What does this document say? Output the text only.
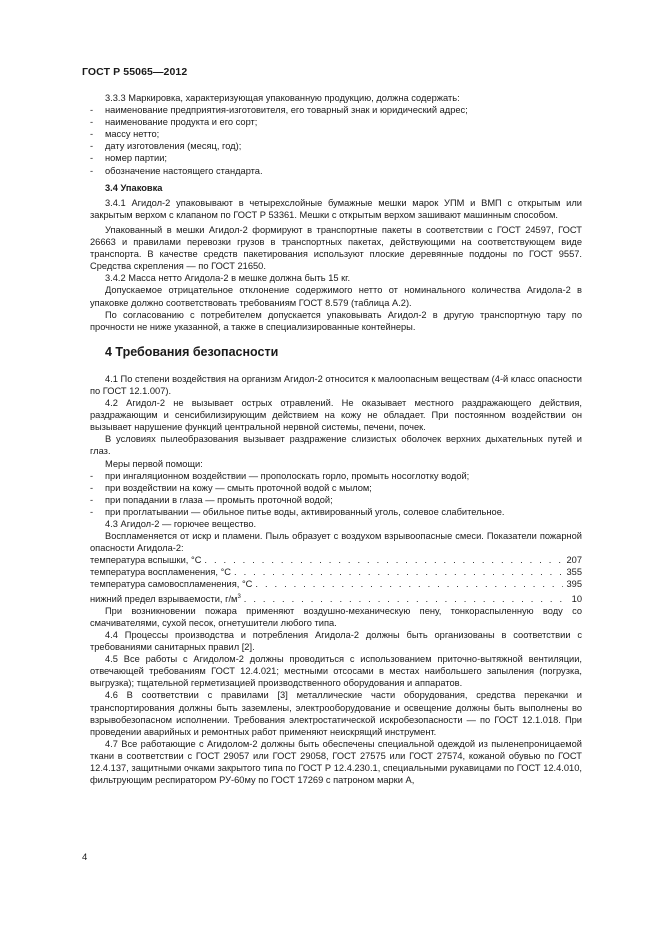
ГОСТ Р 55065—2012

3.3.3 Маркировка, характеризующая упакованную продукцию, должна содержать:

- наименование предприятия-изготовителя, его товарный знак и юридический адрес;

- наименование продукта и его сорт;

- массу нетто;

- дату изготовления (месяц, год);

- номер партии;

- обозначение настоящего стандарта.

3.4 Упаковка

3.4.1 Агидол-2 упаковывают в четырехслойные бумажные мешки марок УПМ и ВМП с открытым или закрытым верхом с клапаном по ГОСТ Р 53361. Мешки с открытым верхом зашивают машинным способом.

Упакованный в мешки Агидол-2 формируют в транспортные пакеты в соответствии с ГОСТ 24597, ГОСТ 26663 и правилами перевозки грузов в транспортных пакетах, действующими на соответствующем виде транспорта. В качестве средств пакетирования используют плоские деревянные поддоны по ГОСТ 9557. Средства скрепления — по ГОСТ 21650.

3.4.2 Масса нетто Агидола-2 в мешке должна быть 15 кг.

Допускаемое отрицательное отклонение содержимого нетто от номинального количества Агидола-2 в упаковке должно соответствовать требованиям ГОСТ 8.579 (таблица А.2).

По согласованию с потребителем допускается упаковывать Агидол-2 в другую транспортную тару по прочности не ниже указанной, а также в специализированные контейнеры.

4 Требования безопасности

4.1 По степени воздействия на организм Агидол-2 относится к малоопасным веществам (4-й класс опасности по ГОСТ 12.1.007).

4.2 Агидол-2 не вызывает острых отравлений. Не оказывает местного раздражающего действия, раздражающим и сенсибилизирующим действием на кожу не обладает. При постоянном воздействии он вызывает нарушение функций центральной нервной системы, печени, почек.

В условиях пылеобразования вызывает раздражение слизистых оболочек верхних дыхательных путей и глаз.

Меры первой помощи:

- при ингаляционном воздействии — прополоскать горло, промыть носоглотку водой;

- при воздействии на кожу — смыть проточной водой с мылом;

- при попадании в глаза — промыть проточной водой;

- при проглатывании — обильное питье воды, активированный уголь, солевое слабительное.

4.3 Агидол-2 — горючее вещество.

Воспламеняется от искр и пламени. Пыль образует с воздухом взрывоопасные смеси. Показатели пожарной опасности Агидола-2:

температура вспышки, °С . . .	207
температура воспламенения, °С . . .	355
температура самовоспламенения, °С . . .	395
нижний предел взрываемости, $г/м^3$ . . .	10

При возникновении пожара применяют воздушно-механическую пену, тонкораспыленную воду со смачивателями, сухой песок, огнетушители любого типа.

4.4 Процессы производства и потребления Агидола-2 должны быть организованы в соответствии с требованиями санитарных правил [2].

4.5 Все работы с Агидолом-2 должны проводиться с использованием приточно-вытяжной вентиляции, отвечающей требованиям ГОСТ 12.4.021; местными отсосами в местах наибольшего запыления (погрузка, выгрузка); тщательной герметизацией производственного оборудования и аппаратов.

4.6 В соответствии с правилами [3] металлические части оборудования, средства перекачки и транспортирования должны быть заземлены, электрооборудование и освещение должны быть выполнены во взрывобезопасном исполнении. Требования электростатической искробезопасности — по ГОСТ 12.1.018. При проведении аварийных и ремонтных работ применяют неискрящий инструмент.

4.7 Все работающие с Агидолом-2 должны быть обеспечены специальной одеждой из пыленепроницаемой ткани в соответствии с ГОСТ 29057 или ГОСТ 29058, ГОСТ 27575 или ГОСТ 27574, кожаной обувью по ГОСТ 12.4.137, защитными очками закрытого типа по ГОСТ Р 12.4.230.1, специальными рукавицами по ГОСТ 12.4.010, фильтрующим респиратором РУ-60му по ГОСТ 17269 с патроном марки А,

4
